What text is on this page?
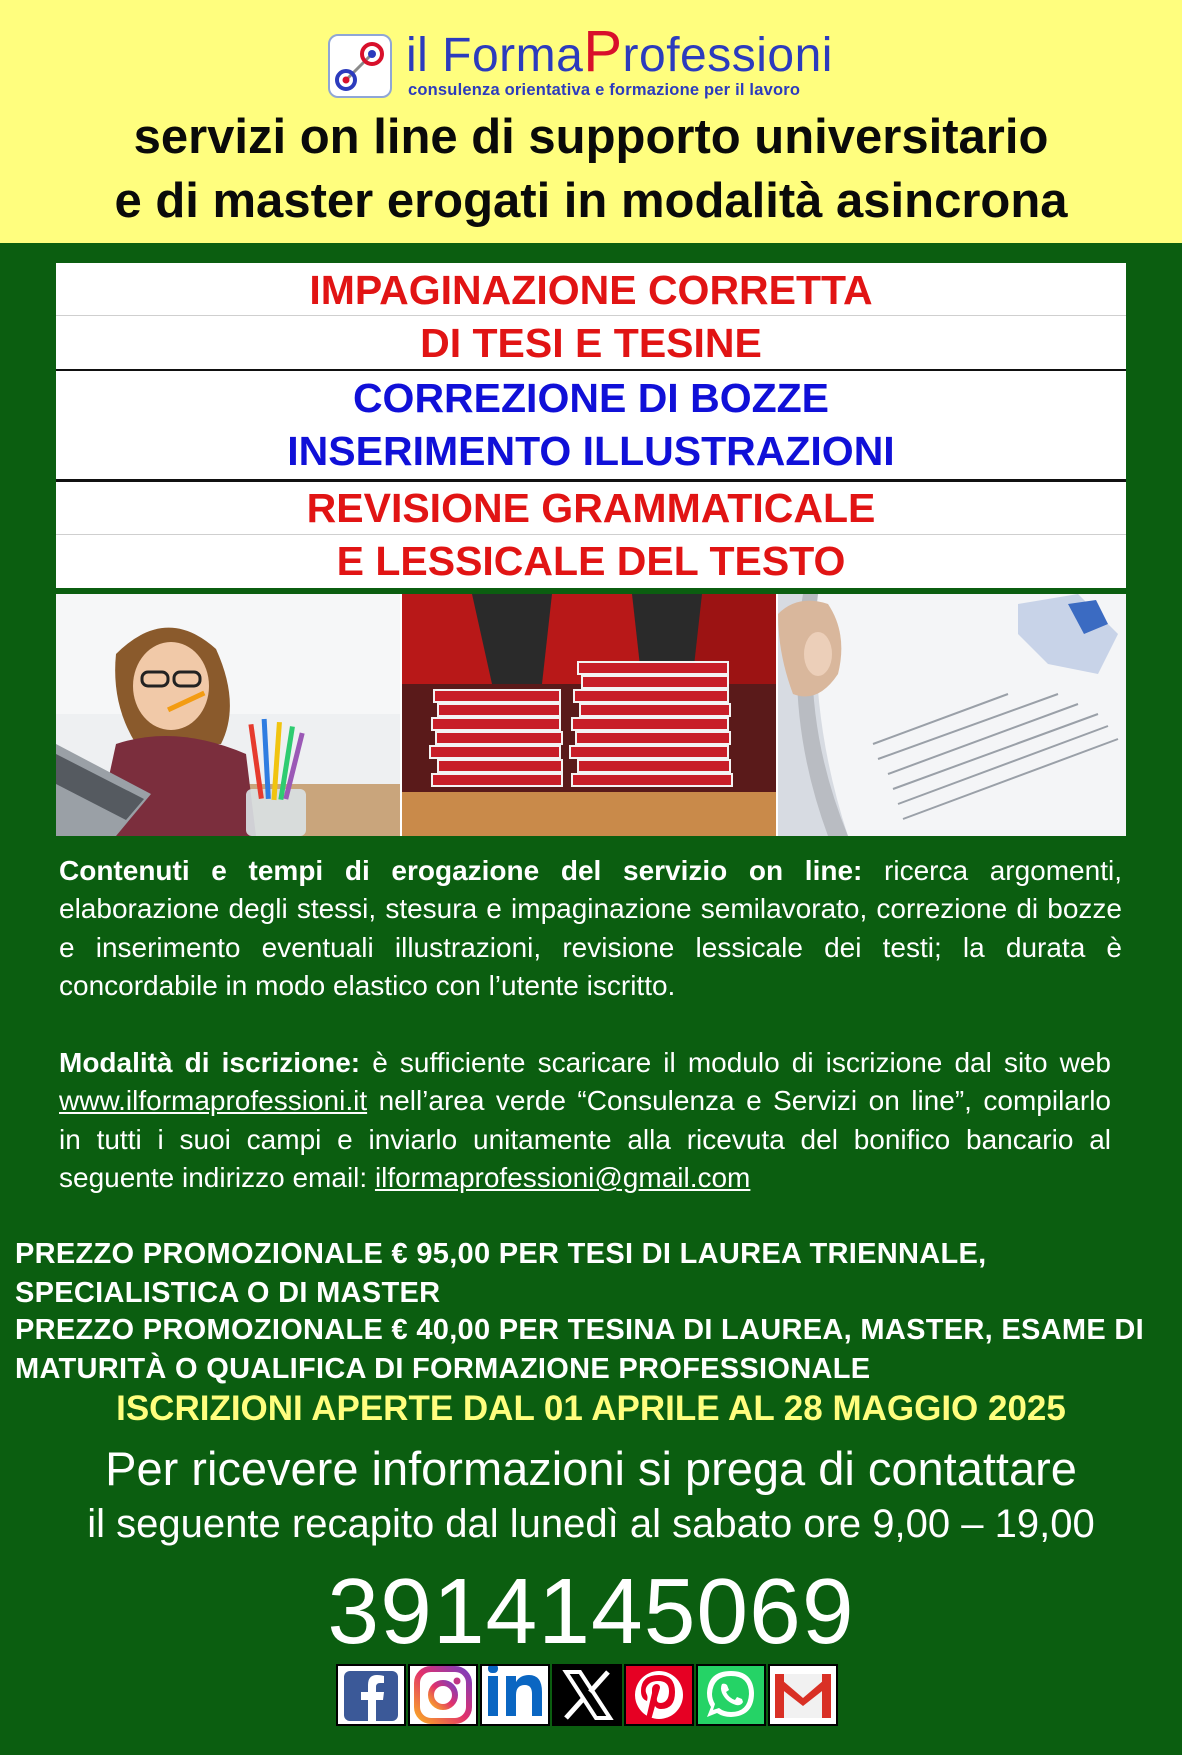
il FormaProfessioni
consulenza orientativa e formazione per il lavoro
servizi on line di supporto universitario
e di master erogati in modalità asincrona
IMPAGINAZIONE CORRETTA
DI TESI E TESINE
CORREZIONE DI BOZZE
INSERIMENTO ILLUSTRAZIONI
REVISIONE GRAMMATICALE
E LESSICALE DEL TESTO
Contenuti e tempi di erogazione del servizio on line: ricerca argomenti, elaborazione degli stessi, stesura e impaginazione semilavorato, correzione di bozze e inserimento eventuali illustrazioni, revisione lessicale dei testi; la durata è concordabile in modo elastico con l’utente iscritto.
Modalità di iscrizione: è sufficiente scaricare il modulo di iscrizione dal sito web www.ilformaprofessioni.it nell’area verde “Consulenza e Servizi on line”, compilarlo in tutti i suoi campi e inviarlo unitamente alla ricevuta del bonifico bancario al seguente indirizzo email: ilformaprofessioni@gmail.com
PREZZO PROMOZIONALE € 95,00 PER TESI DI LAUREA TRIENNALE, SPECIALISTICA O DI MASTER
PREZZO PROMOZIONALE € 40,00 PER TESINA DI LAUREA, MASTER, ESAME DI MATURITÀ O QUALIFICA DI FORMAZIONE PROFESSIONALE
ISCRIZIONI APERTE DAL 01 APRILE AL 28 MAGGIO 2025
Per ricevere informazioni si prega di contattare
il seguente recapito dal lunedì al sabato ore 9,00 – 19,00
3914145069
